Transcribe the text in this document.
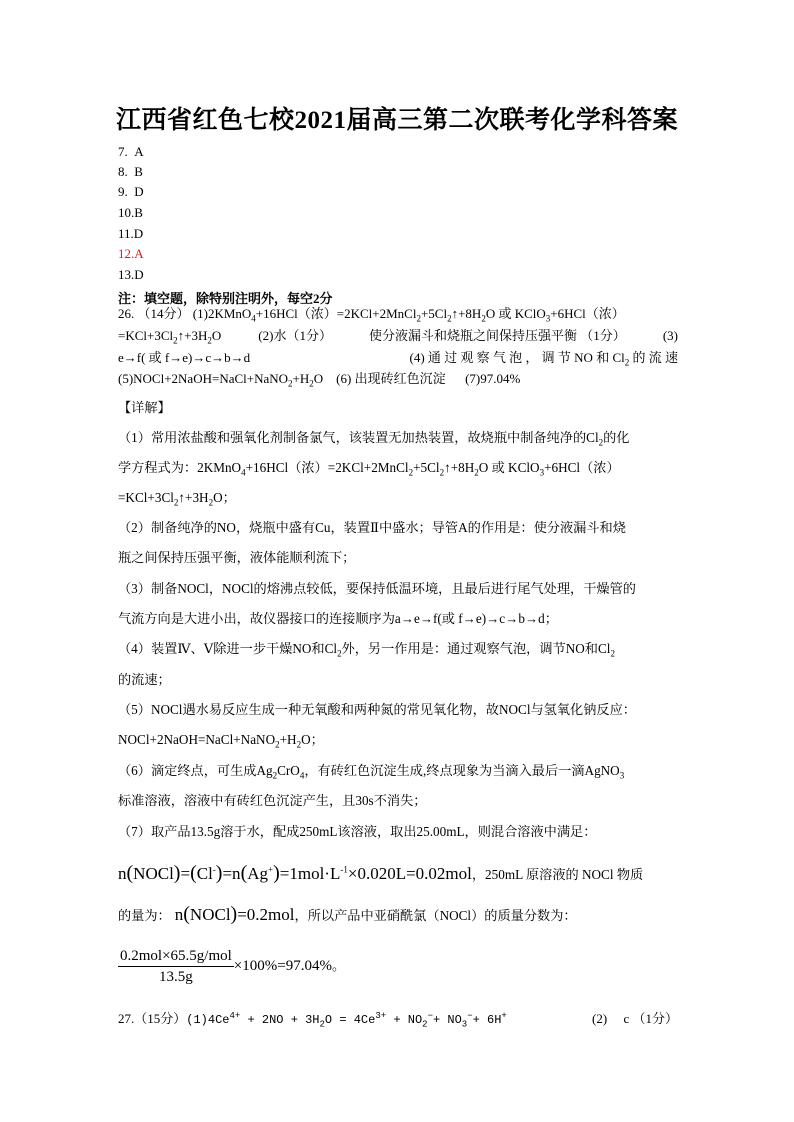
江西省红色七校2021届高三第二次联考化学科答案
7. A
8. B
9. D
10.B
11.D
12.A
13.D
注：填空题，除特别注明外，每空2分
26. （14分） (1)2KMnO$_4$+16HCl（浓）$=2KCl+2MnCl_2+5Cl_2↑+8H_2O$ 或 KClO$_3$+6HCl（浓）
$=KCl+3Cl_2↑+3H_2O$	(2)水（1分）	使分液漏斗和烧瓶之间保持压强平衡 （1分）	(3)
e→f( 或 f→e)→c→b→d	(4) 通 过 观 察 气 泡 ， 调 节 NO 和 $Cl_2$ 的 流 速
$(5)NOCl+2NaOH=NaCl+NaNO_2+H_2O$    (6) 出现砖红色沉淀 (7)97.04%
【详解】
（1）常用浓盐酸和强氧化剂制备氯气，该装置无加热装置，故烧瓶中制备纯净的$Cl_2$的化
学方程式为：2KMnO$_4$+16HCl（浓）$=2KCl+2MnCl_2+5Cl_2↑+8H_2O$ 或 KClO$_3$+6HCl（浓）
$=KCl+3Cl_2↑+3H_2O$；
（2）制备纯净的NO，烧瓶中盛有Cu，装置Ⅱ中盛水；导管A的作用是：使分液漏斗和烧
瓶之间保持压强平衡，液体能顺利流下；
（3）制备NOCl，NOCl的熔沸点较低，要保持低温环境，且最后进行尾气处理，干燥管的
气流方向是大进小出，故仪器接口的连接顺序为a→e→f(或 f→e)→c→b→d；
（4）装置Ⅳ、Ⅴ除进一步干燥NO和$Cl_2$外，另一作用是：通过观察气泡，调节NO和$Cl_2$
的流速；
（5）NOCl遇水易反应生成一种无氧酸和两种氮的常见氧化物，故NOCl与氢氧化钠反应：
$NOCl+2NaOH=NaCl+NaNO_2+H_2O$；
（6）滴定终点，可生成$Ag_2CrO_4$，有砖红色沉淀生成,终点现象为当滴入最后一滴AgNO$_3$
标准溶液，溶液中有砖红色沉淀产生，且30s不消失；
（7）取产品13.5g溶于水，配成250mL该溶液，取出25.00mL，则混合溶液中满足：
$n(NOCl)=(Cl^-)=n(Ag^+)=1mol\cdot L^{-1}\times 0.020L=0.02mol$，250mL 原溶液的 NOCl 物质
的量为： n(NOCl)=0.2mol，所以产品中亚硝酰氯（NOCl）的质量分数为：
$\frac{\text{0.2mol×65.5g/mol}}{13.5g} \times 100\%=97.04\%$。
27.（15分）$(1)4Ce^{4+} + 2NO + 3H_2O = 4Ce^{3+} + NO_2^-+ NO_3^-+ 6H^+$	(2) c （1分）
